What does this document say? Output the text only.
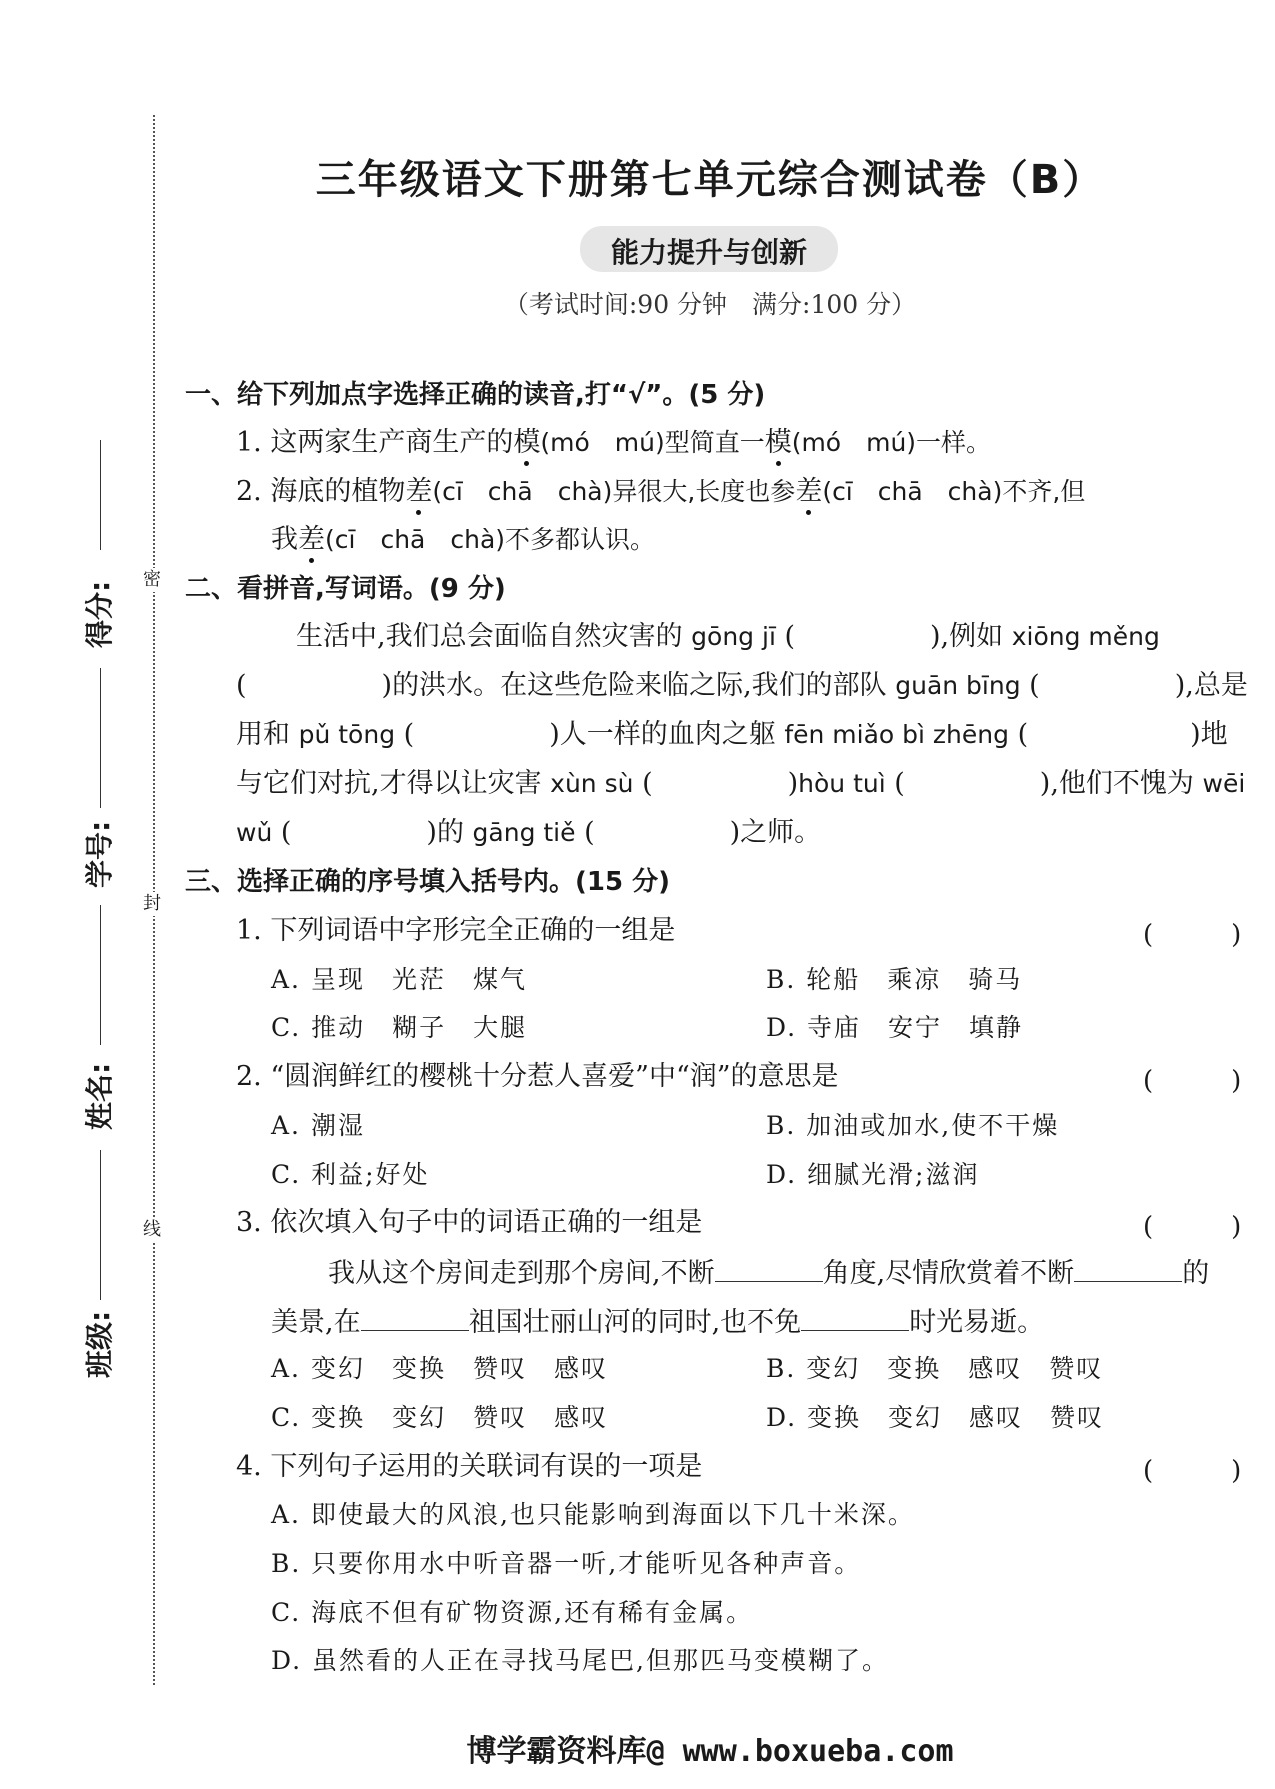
密
封
线
得分:
学号:
姓名:
班级:
三年级语文下册第七单元综合测试卷（B）
能力提升与创新
（考试时间:90 分钟　满分:100 分）
一、给下列加点字选择正确的读音,打“√”。(5 分)
1. 这两家生产商生产的模(mó　mú)型简直一模(mó　mú)一样。
2. 海底的植物差(cī　chā　chà)异很大,长度也参差(cī　chā　chà)不齐,但
我差(cī　chā　chà)不多都认识。
二、看拼音,写词语。(9 分)
生活中,我们总会面临自然灾害的 gōng jī (　　　　　),例如 xiōng měng
(　　　　　)的洪水。在这些危险来临之际,我们的部队 guān bīng (　　　　　),总是
用和 pǔ tōng (　　　　　)人一样的血肉之躯 fēn miǎo bì zhēng (　　　　　　)地
与它们对抗,才得以让灾害 xùn sù (　　　　　)hòu tuì (　　　　　),他们不愧为 wēi
wǔ (　　　　　)的 gāng tiě (　　　　　)之师。
三、选择正确的序号填入括号内。(15 分)
1. 下列词语中字形完全正确的一组是	(　　　)
A. 呈现　光茫　煤气	B. 轮船　乘凉　骑马
C. 推动　糊子　大腿	D. 寺庙　安宁　填静
2. “圆润鲜红的樱桃十分惹人喜爱”中“润”的意思是	(　　　)
A. 潮湿	B. 加油或加水,使不干燥
C. 利益;好处	D. 细腻光滑;滋润
3. 依次填入句子中的词语正确的一组是	(　　　)
我从这个房间走到那个房间,不断	角度,尽情欣赏着不断	的
美景,在	祖国壮丽山河的同时,也不免	时光易逝。
A. 变幻　变换　赞叹　感叹	B. 变幻　变换　感叹　赞叹
C. 变换　变幻　赞叹　感叹	D. 变换　变幻　感叹　赞叹
4. 下列句子运用的关联词有误的一项是	(　　　)
A. 即使最大的风浪,也只能影响到海面以下几十米深。
B. 只要你用水中听音器一听,才能听见各种声音。
C. 海底不但有矿物资源,还有稀有金属。
D. 虽然看的人正在寻找马尾巴,但那匹马变模糊了。
博学霸资料库@ www.boxueba.com
